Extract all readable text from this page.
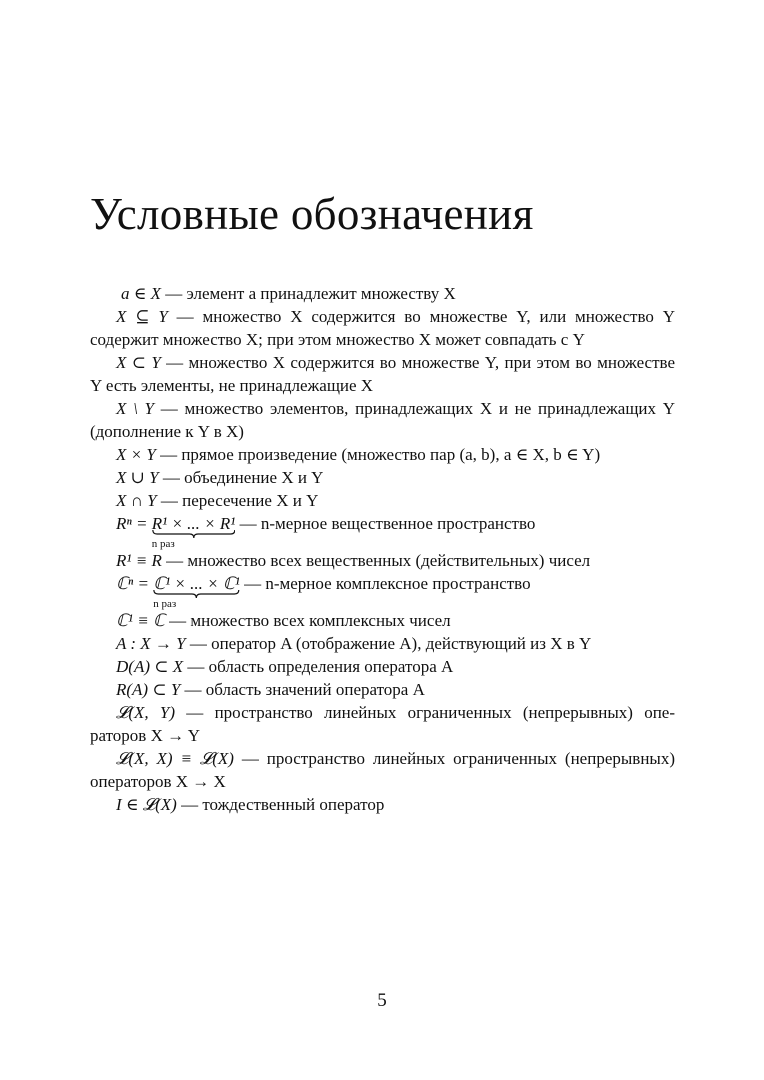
Условные обозначения

a ∈ X — элемент a принадлежит множеству X

X ⊆ Y — множество X содержится во множестве Y, или множество Y содержит множество X; при этом множество X может совпадать с Y

X ⊂ Y — множество X содержится во множестве Y, при этом во множестве Y есть элементы, не принадлежащие X

X \ Y — множество элементов, принадлежащих X и не принадлежащих Y (дополнение к Y в X)

X × Y — прямое произведение (множество пар (a, b), a ∈ X, b ∈ Y)

X ∪ Y — объединение X и Y

X ∩ Y — пересечение X и Y

Rⁿ = R¹ × ... × R¹
n раз
— n-мерное вещественное пространство

R¹ ≡ R — множество всех вещественных (действительных) чисел

ℂⁿ = ℂ¹ × ... × ℂ¹
n раз
— n-мерное комплексное пространство

ℂ¹ ≡ ℂ — множество всех комплексных чисел

A : X → Y — оператор A (отображение A), действующий из X в Y

D(A) ⊂ X — область определения оператора A

R(A) ⊂ Y — область значений оператора A

𝓛(X, Y) — пространство линейных ограниченных (непрерывных) операторов X → Y

𝓛(X, X) ≡ 𝓛(X) — пространство линейных ограниченных (непрерывных) операторов X → X

I ∈ 𝓛(X) — тождественный оператор

5
